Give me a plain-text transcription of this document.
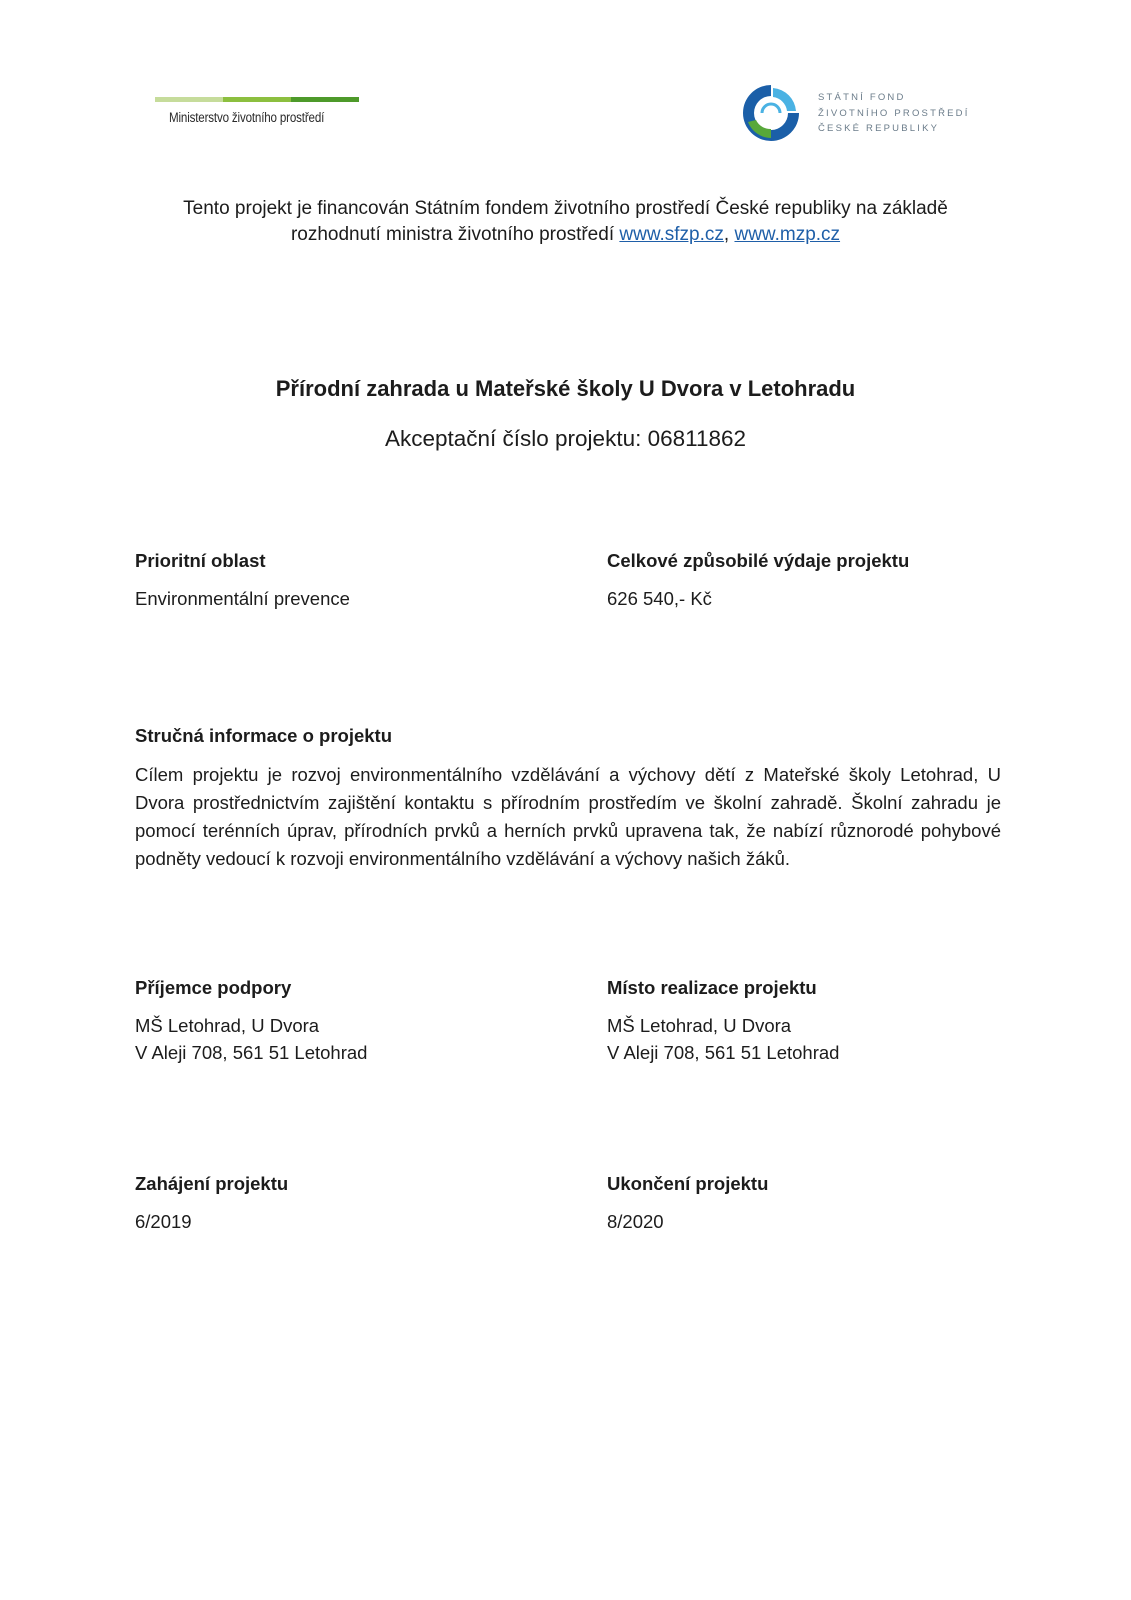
Ministerstvo životního prostředí
STÁTNÍ FOND
ŽIVOTNÍHO PROSTŘEDÍ
ČESKÉ REPUBLIKY
Tento projekt je financován Státním fondem životního prostředí České republiky na základě
rozhodnutí ministra životního prostředí www.sfzp.cz, www.mzp.cz
Přírodní zahrada u Mateřské školy U Dvora v Letohradu
Akceptační číslo projektu: 06811862
Prioritní oblast
Environmentální prevence
Celkové způsobilé výdaje projektu
626 540,- Kč
Stručná informace o projektu
Cílem projektu je rozvoj environmentálního vzdělávání a výchovy dětí z Mateřské školy Letohrad, U Dvora prostřednictvím zajištění kontaktu s přírodním prostředím ve školní zahradě. Školní zahradu je pomocí terénních úprav, přírodních prvků a herních prvků upravena tak, že nabízí různorodé pohybové podněty vedoucí k rozvoji environmentálního vzdělávání a výchovy našich žáků.
Příjemce podpory
MŠ Letohrad, U Dvora
V Aleji 708, 561 51 Letohrad
Místo realizace projektu
MŠ Letohrad, U Dvora
V Aleji 708, 561 51 Letohrad
Zahájení projektu
6/2019
Ukončení projektu
8/2020
